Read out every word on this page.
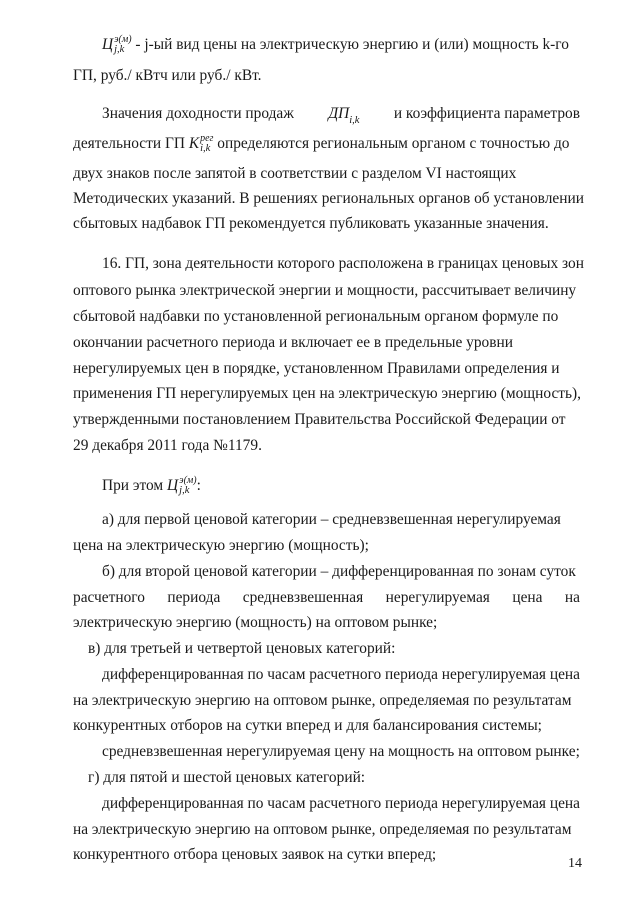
Ц э(м)
j,k - j-ый вид цены на электрическую энергию и (или) мощность k-го
ГП, руб./ кВтч или руб./ кВт.
Значения доходности продаж $ДП_{i,k}$ и коэффициента параметров
деятельности ГП К рег
i,k определяются региональным органом с точностью до
двух знаков после запятой в соответствии с разделом VI настоящих
Методических указаний. В решениях региональных органов об установлении
сбытовых надбавок ГП рекомендуется публиковать указанные значения.
16. ГП, зона деятельности которого расположена в границах ценовых зон
оптового рынка электрической энергии и мощности, рассчитывает величину
сбытовой надбавки по установленной региональным органом формуле по
окончании расчетного периода и включает ее в предельные уровни
нерегулируемых цен в порядке, установленном Правилами определения и
применения ГП нерегулируемых цен на электрическую энергию (мощность),
утвержденными постановлением Правительства Российской Федерации от
29 декабря 2011 года №1179.
При этом Ц э(м)
j,k :
а) для первой ценовой категории – средневзвешенная нерегулируемая
цена на электрическую энергию (мощность);
б) для второй ценовой категории – дифференцированная по зонам суток
расчетного периода средневзвешенная нерегулируемая цена на
электрическую энергию (мощность) на оптовом рынке;
в) для третьей и четвертой ценовых категорий:
дифференцированная по часам расчетного периода нерегулируемая цена
на электрическую энергию на оптовом рынке, определяемая по результатам
конкурентных отборов на сутки вперед и для балансирования системы;
средневзвешенная нерегулируемая цену на мощность на оптовом рынке;
г) для пятой и шестой ценовых категорий:
дифференцированная по часам расчетного периода нерегулируемая цена
на электрическую энергию на оптовом рынке, определяемая по результатам
конкурентного отбора ценовых заявок на сутки вперед;
14
